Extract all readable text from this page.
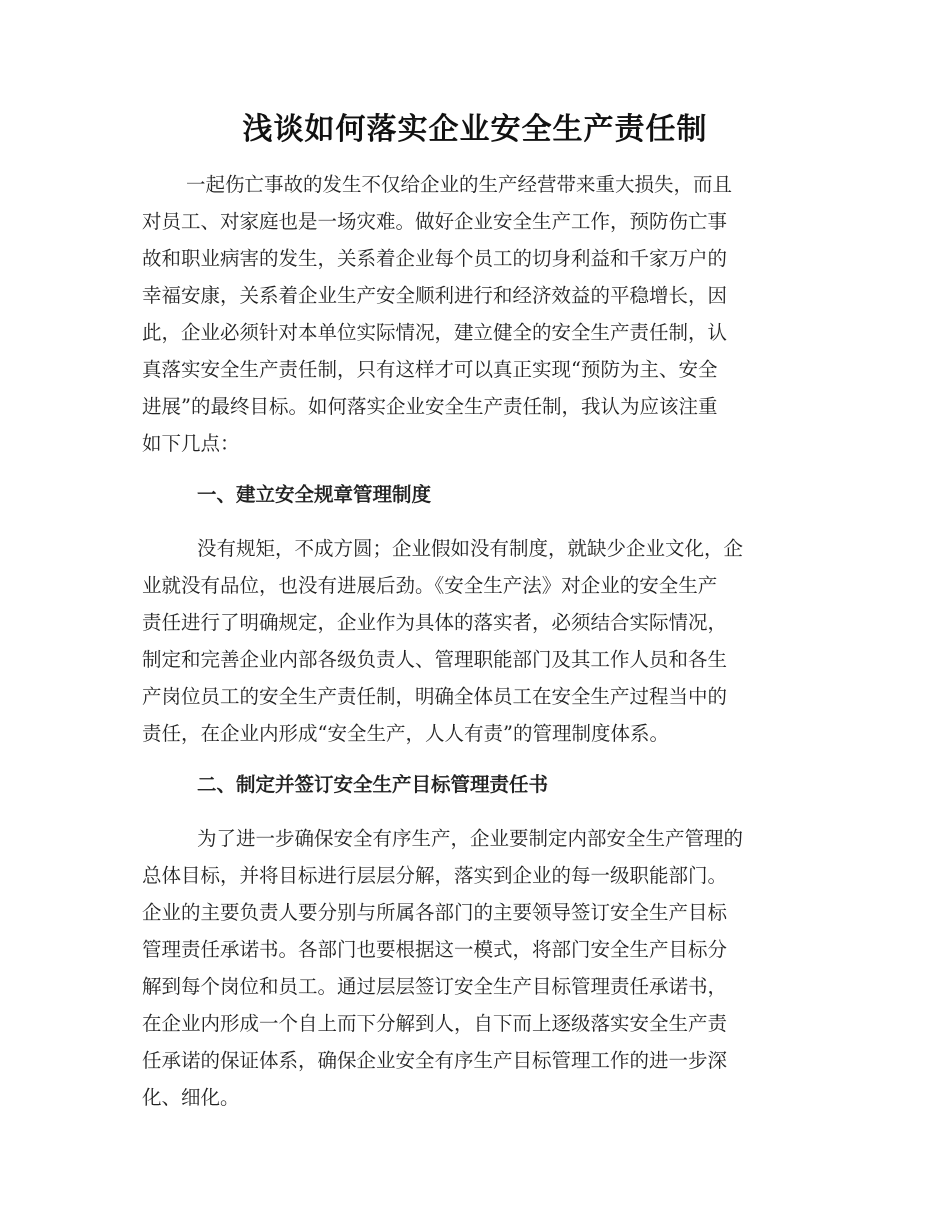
浅谈如何落实企业安全生产责任制
一起伤亡事故的发生不仅给企业的生产经营带来重大损失，而且
对员工、对家庭也是一场灾难。做好企业安全生产工作，预防伤亡事
故和职业病害的发生，关系着企业每个员工的切身利益和千家万户的
幸福安康，关系着企业生产安全顺利进行和经济效益的平稳增长，因
此，企业必须针对本单位实际情况，建立健全的安全生产责任制，认
真落实安全生产责任制，只有这样才可以真正实现“预防为主、安全
进展”的最终目标。如何落实企业安全生产责任制，我认为应该注重
如下几点：
一、建立安全规章管理制度
没有规矩，不成方圆；企业假如没有制度，就缺少企业文化，企
业就没有品位，也没有进展后劲。《安全生产法》对企业的安全生产
责任进行了明确规定，企业作为具体的落实者，必须结合实际情况，
制定和完善企业内部各级负责人、管理职能部门及其工作人员和各生
产岗位员工的安全生产责任制，明确全体员工在安全生产过程当中的
责任，在企业内形成“安全生产，人人有责”的管理制度体系。
二、制定并签订安全生产目标管理责任书
为了进一步确保安全有序生产，企业要制定内部安全生产管理的
总体目标，并将目标进行层层分解，落实到企业的每一级职能部门。
企业的主要负责人要分别与所属各部门的主要领导签订安全生产目标
管理责任承诺书。各部门也要根据这一模式，将部门安全生产目标分
解到每个岗位和员工。通过层层签订安全生产目标管理责任承诺书，
在企业内形成一个自上而下分解到人，自下而上逐级落实安全生产责
任承诺的保证体系，确保企业安全有序生产目标管理工作的进一步深
化、细化。
